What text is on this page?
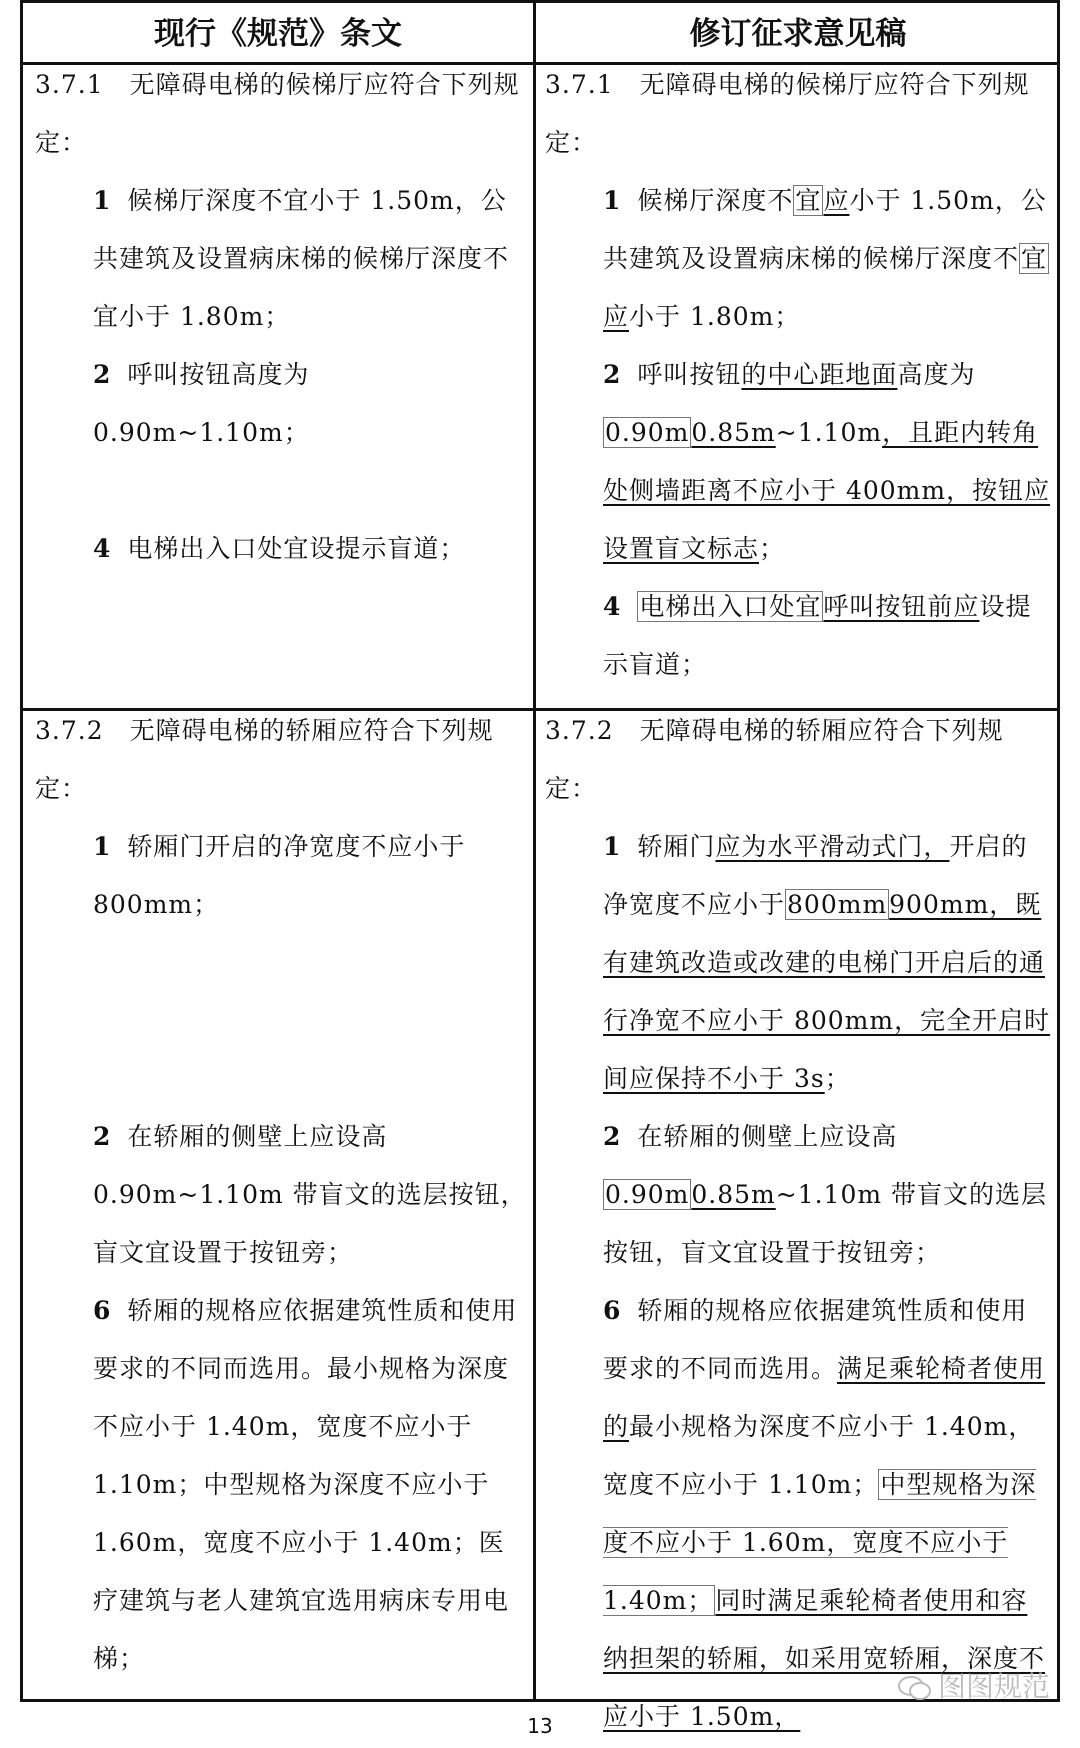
现行《规范》条文	修订征求意见稿
3.7.1　无障碍电梯的候梯厅应符合下列规定：
1 候梯厅深度不宜小于 1.50m，公共建筑及设置病床梯的候梯厅深度不宜小于 1.80m；
2 呼叫按钮高度为 0.90m~1.10m；
4 电梯出入口处宜设提示盲道；
3.7.1　无障碍电梯的候梯厅应符合下列规定：
1 候梯厅深度不宜应小于 1.50m，公共建筑及设置病床梯的候梯厅深度不宜应小于 1.80m；
2 呼叫按钮的中心距地面高度为0.90m0.85m~1.10m，且距内转角处侧墙距离不应小于 400mm，按钮应设置盲文标志；
4 电梯出入口处宜呼叫按钮前应设提示盲道；
3.7.2　无障碍电梯的轿厢应符合下列规定：
1 轿厢门开启的净宽度不应小于 800mm；
2 在轿厢的侧壁上应设高 0.90m~1.10m 带盲文的选层按钮，盲文宜设置于按钮旁；
6 轿厢的规格应依据建筑性质和使用要求的不同而选用。最小规格为深度不应小于 1.40m，宽度不应小于 1.10m；中型规格为深度不应小于 1.60m，宽度不应小于 1.40m；医疗建筑与老人建筑宜选用病床专用电梯；
3.7.2　无障碍电梯的轿厢应符合下列规定：
1 轿厢门应为水平滑动式门，开启的净宽度不应小于800mm900mm，既有建筑改造或改建的电梯门开启后的通行净宽不应小于 800mm，完全开启时间应保持不小于 3s；
2 在轿厢的侧壁上应设高0.90m0.85m~1.10m 带盲文的选层按钮，盲文宜设置于按钮旁；
6 轿厢的规格应依据建筑性质和使用要求的不同而选用。满足乘轮椅者使用的最小规格为深度不应小于 1.40m，宽度不应小于 1.10m；中型规格为深度不应小于 1.60m，宽度不应小于 1.40m；同时满足乘轮椅者使用和容纳担架的轿厢，如采用宽轿厢，深度不应小于 1.50m，
图图规范
13
